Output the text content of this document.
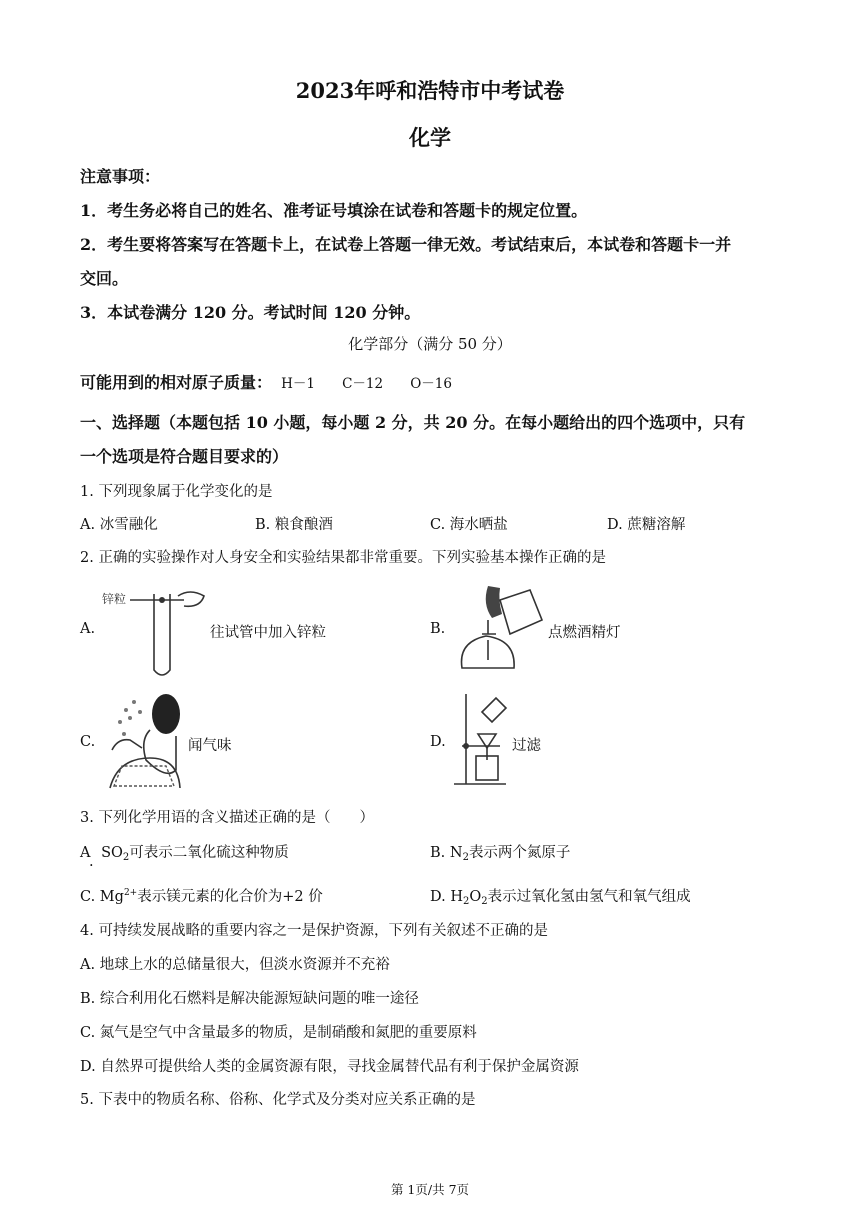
2023年呼和浩特市中考试卷
化学
注意事项：
1．考生务必将自己的姓名、准考证号填涂在试卷和答题卡的规定位置。
2．考生要将答案写在答题卡上，在试卷上答题一律无效。考试结束后，本试卷和答题卡一并
交回。
3．本试卷满分 120 分。考试时间 120 分钟。
化学部分（满分 50 分）
可能用到的相对原子质量： H－1 C－12 O－16
一、选择题（本题包括 10 小题，每小题 2 分，共 20 分。在每小题给出的四个选项中，只有
一个选项是符合题目要求的）
1. 下列现象属于化学变化的是
A. 冰雪融化	B. 粮食酿酒	C. 海水晒盐	D. 蔗糖溶解
2. 正确的实验操作对人身安全和实验结果都非常重要。下列实验基本操作正确的是
A.
锌粒
往试管中加入锌粒	B.	点燃酒精灯
C.	闻气味	D.	过滤
3. 下列化学用语的含义描述正确的是（　　）
A $SO_2$可表示二氧化硫这种物质
.
B. $N_2$表示两个氮原子
C. $Mg^{2+}$表示镁元素的化合价为+2 价	D. $H_2O_2$表示过氧化氢由氢气和氧气组成
4. 可持续发展战略的重要内容之一是保护资源，下列有关叙述不正确的是
A. 地球上水的总储量很大，但淡水资源并不充裕
B. 综合利用化石燃料是解决能源短缺问题的唯一途径
C. 氮气是空气中含量最多的物质，是制硝酸和氮肥的重要原料
D. 自然界可提供给人类的金属资源有限，寻找金属替代品有利于保护金属资源
5. 下表中的物质名称、俗称、化学式及分类对应关系正确的是
第 1页/共 7页
